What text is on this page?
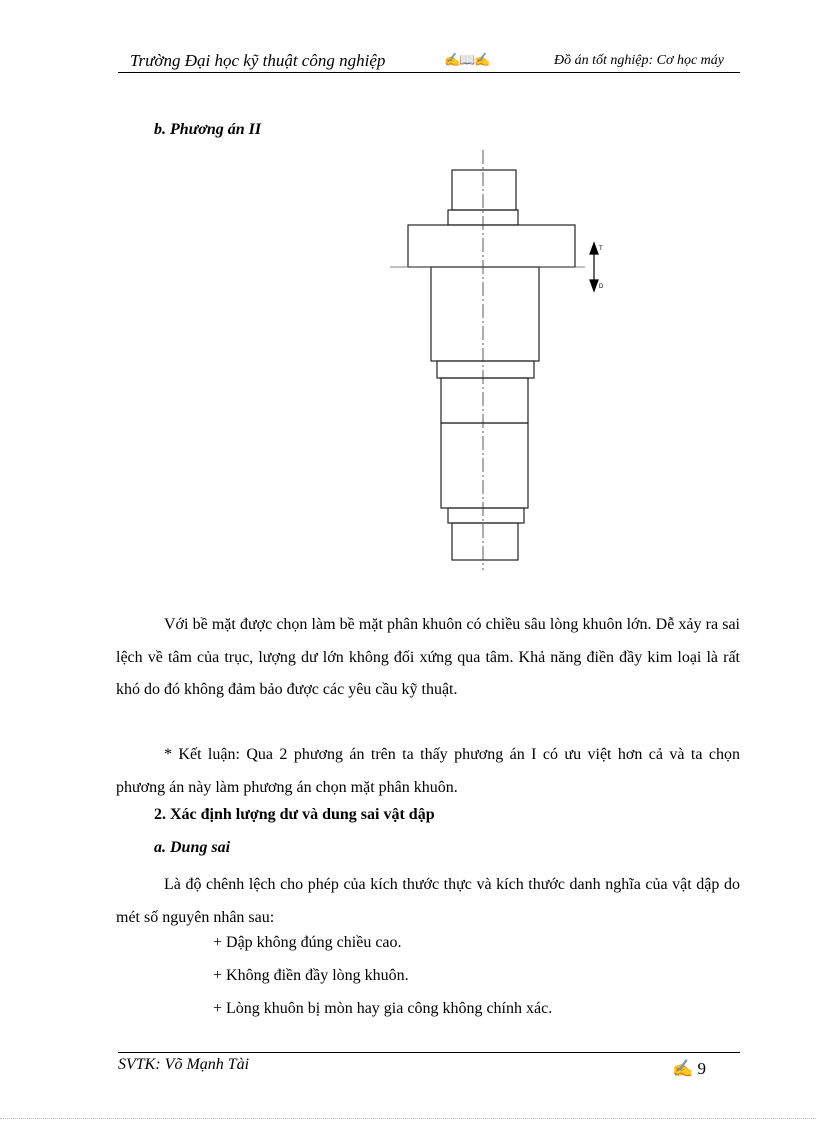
Trường Đại học kỹ thuật công nghiệp	✍📖✍	Đồ án tốt nghiệp: Cơ học máy
b. Phương án II
T
D
Với bề mặt được chọn làm bề mặt phân khuôn có chiều sâu lòng khuôn lớn. Dễ xảy ra sai lệch về tâm của trục, lượng dư lớn không đối xứng qua tâm. Khả năng điền đầy kim loại là rất khó do đó không đảm bảo được các yêu cầu kỹ thuật.
* Kết luận: Qua 2 phương án trên ta thấy phương án I có ưu việt hơn cả và ta chọn phương án này làm phương án chọn mặt phân khuôn.
2. Xác định lượng dư và dung sai vật dập
a. Dung sai
Là độ chênh lệch cho phép của kích thước thực và kích thước danh nghĩa của vật dập do mét số nguyên nhân sau:
+ Dập không đúng chiều cao.
+ Không điền đầy lòng khuôn.
+ Lòng khuôn bị mòn hay gia công không chính xác.
SVTK: Võ Mạnh Tài	✍ 9
